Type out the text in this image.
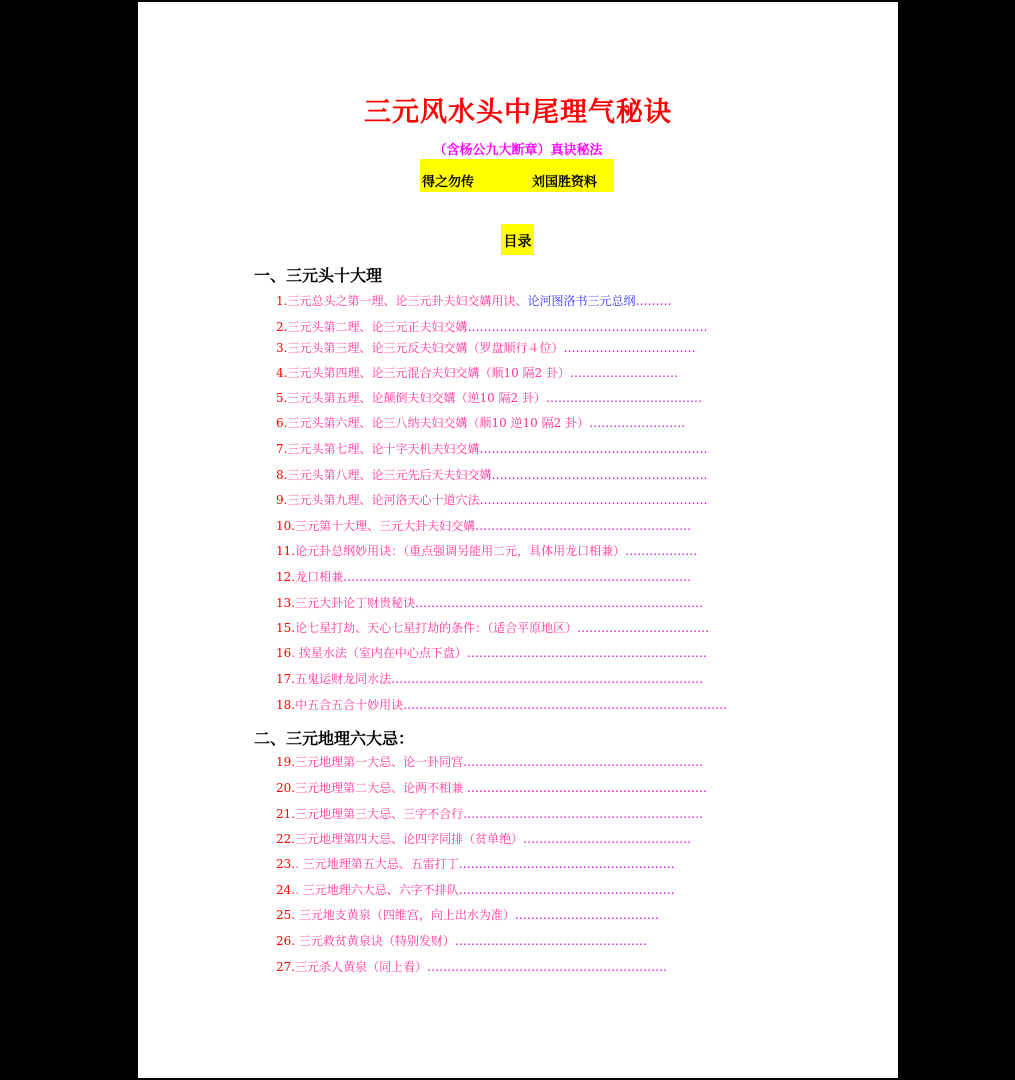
三元风水头中尾理气秘诀
（含杨公九大断章）真诀秘法
得之勿传	刘国胜资料
目录
一、三元头十大理
1.三元总头之第一理、论三元卦夫妇交媾用诀、论河图洛书三元总纲………
2.三元头第二理、论三元正夫妇交媾……………………………………………………
3.三元头第三理、论三元反夫妇交媾（罗盘顺行４位）……………………………
4.三元头第四理、论三元混合夫妇交媾（顺10 隔2 卦）………………………
5.三元头第五理、论颠倒夫妇交媾（逆10 隔2 卦）…………………………………
6.三元头第六理、论三八纳夫妇交媾（顺10 逆10 隔2 卦）……………………
7.三元头第七理、论十字天机夫妇交媾…………………………………………………
8.三元头第八理、论三元先后天夫妇交媾………………………………………………
9.三元头第九理、论河洛天心十道穴法…………………………………………………
10.三元第十大理、三元大卦夫妇交媾………………………………………………
11.论元卦总纲妙用诀：（重点强调另能用二元，具体用龙口相兼）………………
12.龙口相兼……………………………………………………………………………
13.三元大卦论丁财贵秘诀………………………………………………………………
15.论七星打劫、天心七星打劫的条件：（适合平原地区）……………………………
16. 挨星水法（室内在中心点下盘）……………………………………………………
17.五鬼运财龙同水法……………………………………………………………………
18.中五合五合十妙用诀………………………………………………………………………
二、三元地理六大忌：
19.三元地理第一大忌、论一卦同宫……………………………………………………
20.三元地理第二大忌、论两不相兼 ……………………………………………………
21.三元地理第三大忌、三字不合行……………………………………………………
22.三元地理第四大忌、论四字同排（贫单绝）……………………………………
23.. 三元地理第五大忌、五雷打丁………………………………………………
24.. 三元地理六大忌、六字不排队………………………………………………
25. 三元地支黄泉（四维宫，向上出水为准）………………………………
26. 三元救贫黄泉诀（特别发财）…………………………………………
27.三元杀人黄泉（同上看）……………………………………………………
